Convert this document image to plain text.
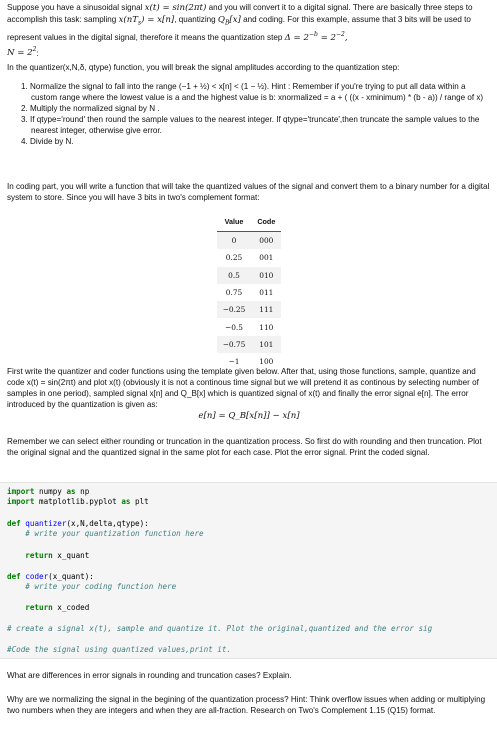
Suppose you have a sinusoidal signal x(t) = sin(2πt) and you will convert it to a digital signal. There are basically three steps to accomplish this task: sampling $x(nT_s) = x[n]$, quantizing $Q_B[x]$ and coding. For this example, assume that 3 bits will be used to represent values in the digital signal, therefore it means the quantization step $\Delta = 2^{-b} = 2^{-2}$,

$N = 2^2$:

In the quantizer(x,N,δ, qtype) function, you will break the signal amplitudes according to the quantization step:

1. Normalize the signal to fall into the range (−1 + ½) < x[n] < (1 − ½). Hint : Remember if you're trying to put all data within a custom range where the lowest value is a and the highest value is b: xnormalized = a + ( ((x - xminimum) * (b - a)) / range of x)

2. Multiply the normalized signal by N .

3. If qtype='round' then round the sample values to the nearest integer. If qtype='truncate',then truncate the sample values to the nearest integer, otherwise give error.

4. Divide by N.

In coding part, you will write a function that will take the quantized values of the signal and convert them to a binary number for a digital system to store. Since you will have 3 bits in two's complement format:

Value	Code
0	000
0.25	001
0.5	010
0.75	011
−0.25	111
−0.5	110
−0.75	101
−1	100

First write the quantizer and coder functions using the template given below. After that, using those functions, sample, quantize and code x(t) = sin(2πt) and plot x(t) (obviously it is not a continous time signal but we will pretend it as continous by selecting number of samples in one period), sampled signal x[n] and Q_B[x] which is quantized signal of x(t) and finally the error signal e[n]. The error introduced by the quantization is given as:

e[n] = Q_B[x[n]] − x[n]

Remember we can select either rounding or truncation in the quantization process. So first do with rounding and then truncation. Plot the original signal and the quantized signal in the same plot for each case. Plot the error signal. Print the coded signal.

import numpy as np
import matplotlib.pyplot as plt
def quantizer(x,N,delta,qtype):
# write your quantization function here
return x_quant
def coder(x_quant):
# write your coding function here
return x_coded
# create a signal x(t), sample and quantize it. Plot the original,quantized and the error sig
#Code the signal using quantized values,print it.

What are differences in error signals in rounding and truncation cases? Explain.

Why are we normalizing the signal in the begining of the quantization process? Hint: Think overflow issues when adding or multiplying two numbers when they are integers and when they are all-fraction. Research on Two's Complement 1.15 (Q15) format.
